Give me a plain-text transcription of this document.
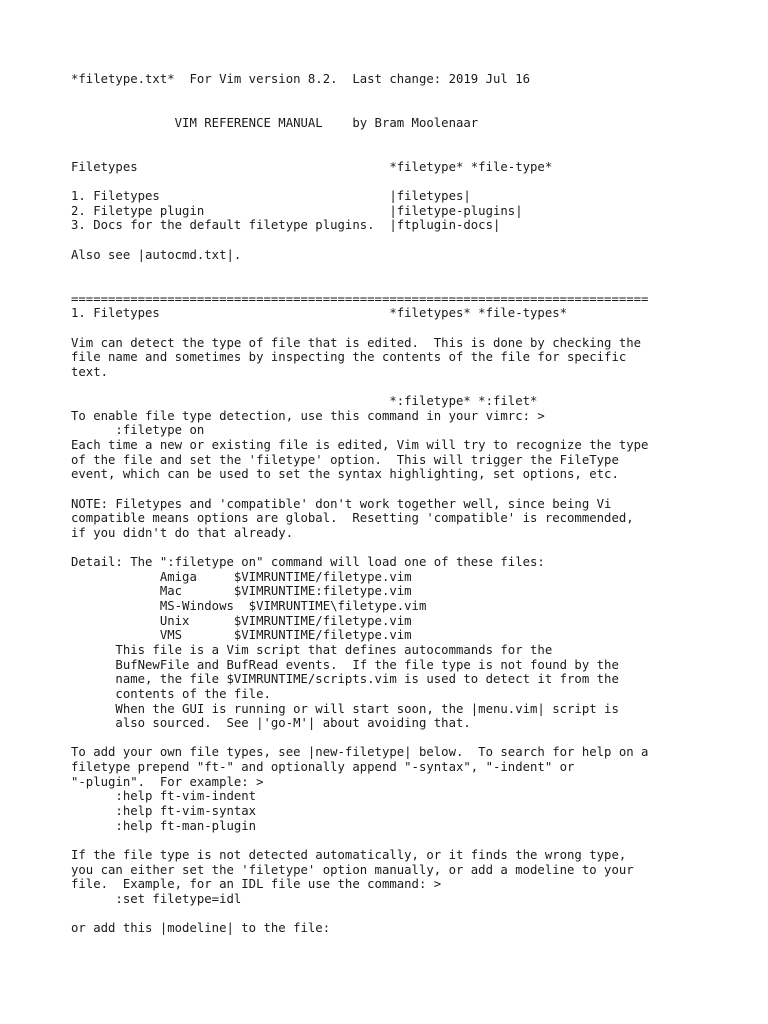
*filetype.txt*  For Vim version 8.2.  Last change: 2019 Jul 16
VIM REFERENCE MANUAL    by Bram Moolenaar
Filetypes                                  *filetype* *file-type*
1. Filetypes                               |filetypes|
2. Filetype plugin                         |filetype-plugins|
3. Docs for the default filetype plugins.  |ftplugin-docs|
Also see |autocmd.txt|.
==============================================================================
1. Filetypes                               *filetypes* *file-types*
Vim can detect the type of file that is edited.  This is done by checking the
file name and sometimes by inspecting the contents of the file for specific
text.
*:filetype* *:filet*
To enable file type detection, use this command in your vimrc: >
:filetype on
Each time a new or existing file is edited, Vim will try to recognize the type
of the file and set the 'filetype' option.  This will trigger the FileType
event, which can be used to set the syntax highlighting, set options, etc.
NOTE: Filetypes and 'compatible' don't work together well, since being Vi
compatible means options are global.  Resetting 'compatible' is recommended,
if you didn't do that already.
Detail: The ":filetype on" command will load one of these files:
Amiga     $VIMRUNTIME/filetype.vim
Mac       $VIMRUNTIME:filetype.vim
MS-Windows  $VIMRUNTIME\filetype.vim
Unix      $VIMRUNTIME/filetype.vim
VMS       $VIMRUNTIME/filetype.vim
This file is a Vim script that defines autocommands for the
BufNewFile and BufRead events.  If the file type is not found by the
name, the file $VIMRUNTIME/scripts.vim is used to detect it from the
contents of the file.
When the GUI is running or will start soon, the |menu.vim| script is
also sourced.  See |'go-M'| about avoiding that.
To add your own file types, see |new-filetype| below.  To search for help on a
filetype prepend "ft-" and optionally append "-syntax", "-indent" or
"-plugin".  For example: >
:help ft-vim-indent
:help ft-vim-syntax
:help ft-man-plugin
If the file type is not detected automatically, or it finds the wrong type,
you can either set the 'filetype' option manually, or add a modeline to your
file.  Example, for an IDL file use the command: >
:set filetype=idl
or add this |modeline| to the file:
